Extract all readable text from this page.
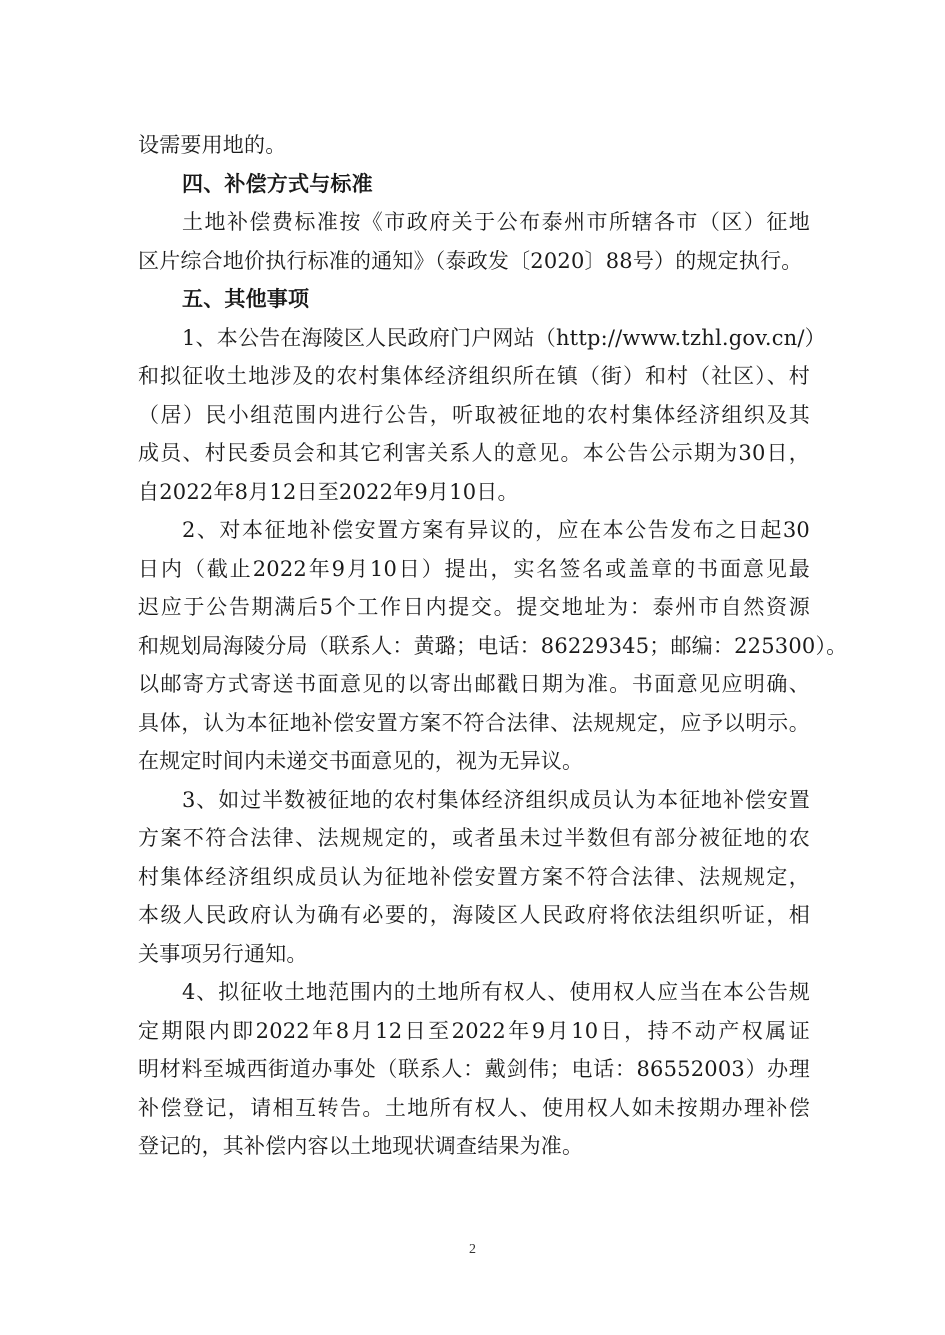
设需要用地的。
四、补偿方式与标准
土地补偿费标准按《市政府关于公布泰州市所辖各市（区）征地
区片综合地价执行标准的通知》（泰政发〔2020〕88号）的规定执行。
五、其他事项
1、本公告在海陵区人民政府门户网站（http://www.tzhl.gov.cn/）
和拟征收土地涉及的农村集体经济组织所在镇（街）和村（社区）、村
（居）民小组范围内进行公告，听取被征地的农村集体经济组织及其
成员、村民委员会和其它利害关系人的意见。本公告公示期为30日，
自2022年8月12日至2022年9月10日。
2、对本征地补偿安置方案有异议的，应在本公告发布之日起30
日内（截止2022年9月10日）提出，实名签名或盖章的书面意见最
迟应于公告期满后5个工作日内提交。提交地址为：泰州市自然资源
和规划局海陵分局（联系人：黄璐；电话：86229345；邮编：225300）。
以邮寄方式寄送书面意见的以寄出邮戳日期为准。书面意见应明确、
具体，认为本征地补偿安置方案不符合法律、法规规定，应予以明示。
在规定时间内未递交书面意见的，视为无异议。
3、如过半数被征地的农村集体经济组织成员认为本征地补偿安置
方案不符合法律、法规规定的，或者虽未过半数但有部分被征地的农
村集体经济组织成员认为征地补偿安置方案不符合法律、法规规定，
本级人民政府认为确有必要的，海陵区人民政府将依法组织听证，相
关事项另行通知。
4、拟征收土地范围内的土地所有权人、使用权人应当在本公告规
定期限内即2022年8月12日至2022年9月10日，持不动产权属证
明材料至城西街道办事处（联系人：戴剑伟；电话：86552003）办理
补偿登记，请相互转告。土地所有权人、使用权人如未按期办理补偿
登记的，其补偿内容以土地现状调查结果为准。
2
